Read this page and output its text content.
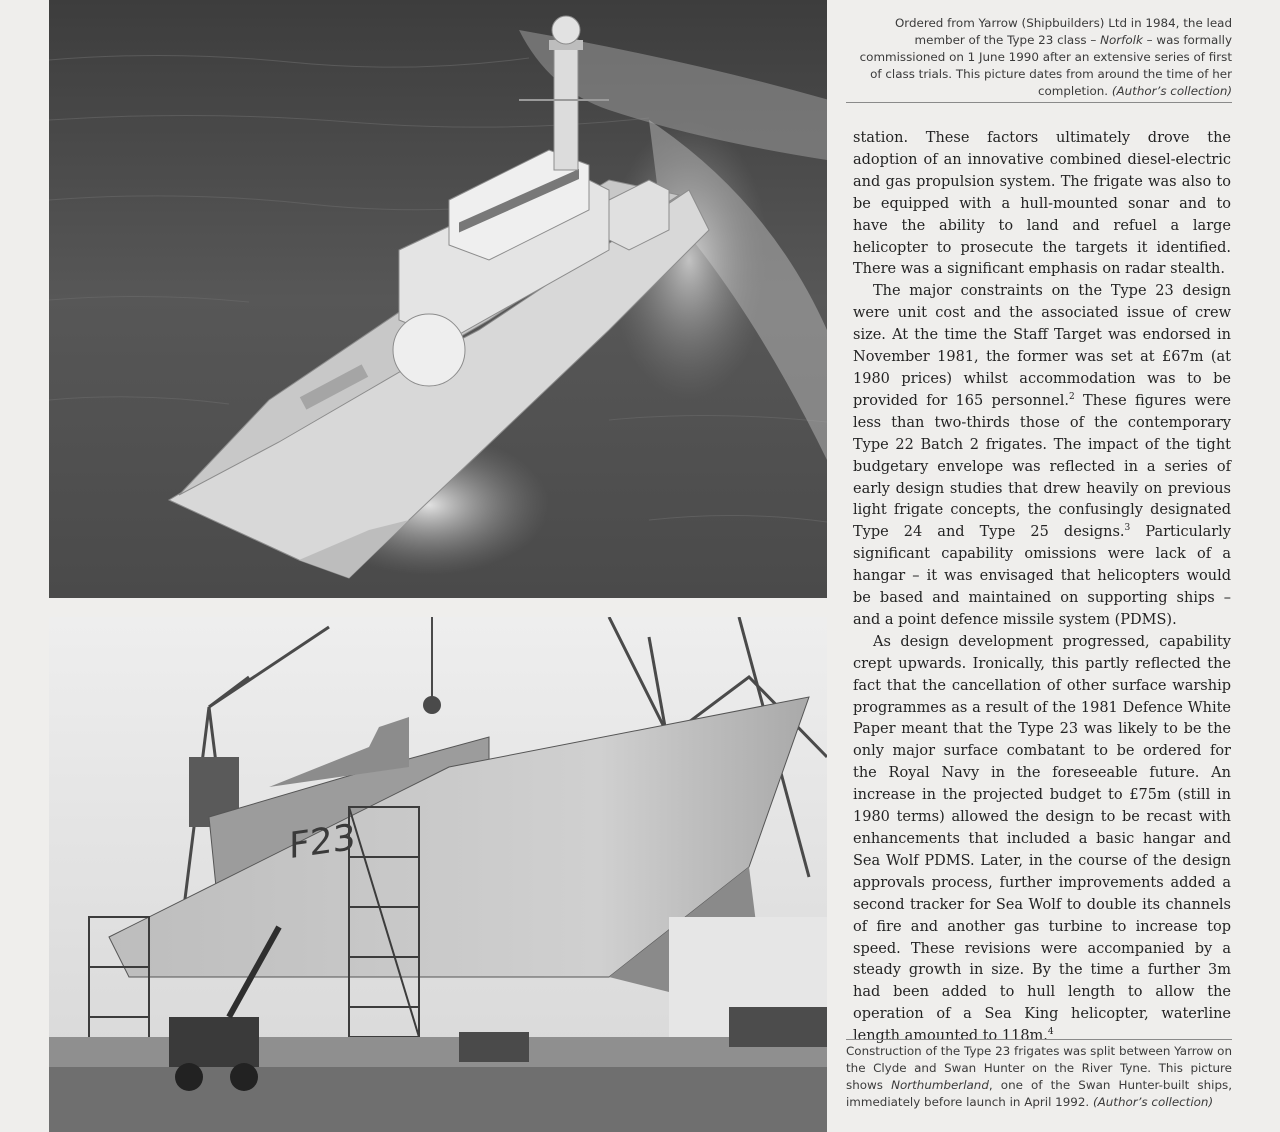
Ordered from Yarrow (Shipbuilders) Ltd in 1984, the lead member of the Type 23 class – Norfolk – was formally commissioned on 1 June 1990 after an extensive series of first of class trials. This picture dates from around the time of her completion. (Author’s collection)

station. These factors ultimately drove the adoption of an innovative combined diesel-electric and gas propulsion system. The frigate was also to be equipped with a hull-mounted sonar and to have the ability to land and refuel a large helicopter to prosecute the targets it identified. There was a significant emphasis on radar stealth.

The major constraints on the Type 23 design were unit cost and the associated issue of crew size. At the time the Staff Target was endorsed in November 1981, the former was set at £67m (at 1980 prices) whilst accommodation was to be provided for 165 personnel.$^2$ These figures were less than two-thirds those of the contemporary Type 22 Batch 2 frigates. The impact of the tight budgetary envelope was reflected in a series of early design studies that drew heavily on previous light frigate concepts, the confusingly designated Type 24 and Type 25 designs.$^3$ Particularly significant capability omissions were lack of a hangar – it was envisaged that helicopters would be based and maintained on supporting ships – and a point defence missile system (PDMS).

As design development progressed, capability crept upwards. Ironically, this partly reflected the fact that the cancellation of other surface warship programmes as a result of the 1981 Defence White Paper meant that the Type 23 was likely to be the only major surface combatant to be ordered for the Royal Navy in the foreseeable future. An increase in the projected budget to £75m (still in 1980 terms) allowed the design to be recast with enhancements that included a basic hangar and Sea Wolf PDMS. Later, in the course of the design approvals process, further improvements added a second tracker for Sea Wolf to double its channels of fire and another gas turbine to increase top speed. These revisions were accompanied by a steady growth in size. By the time a further 3m had been added to hull length to allow the operation of a Sea King helicopter, waterline length amounted to 118m.$^4$

F23
Construction of the Type 23 frigates was split between Yarrow on the Clyde and Swan Hunter on the River Tyne. This picture shows Northumberland, one of the Swan Hunter-built ships, immediately before launch in April 1992. (Author’s collection)
